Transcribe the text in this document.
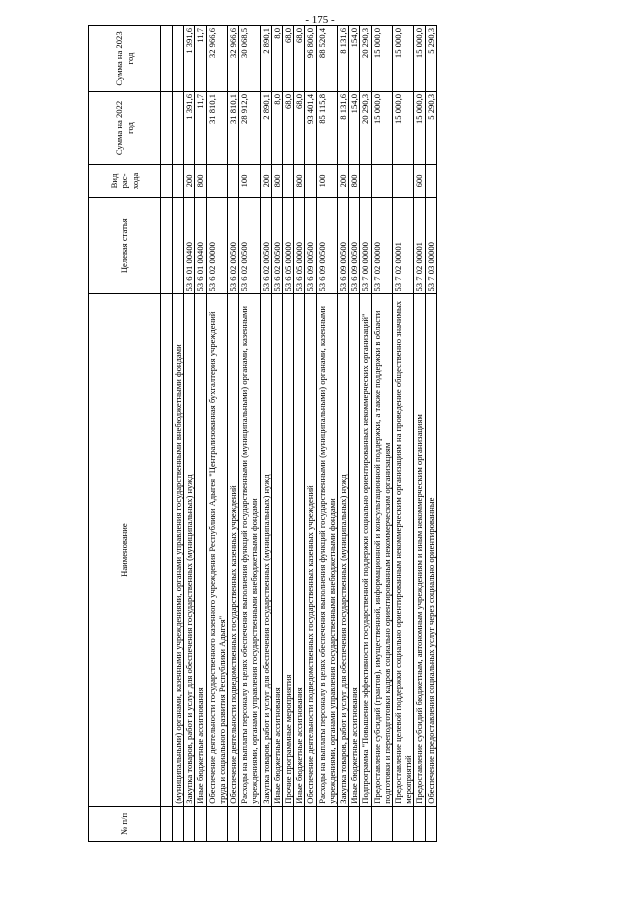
- 175 -
№ п/п	Наименование	Целевая статья	Вид рас-хода	Сумма на 2022 год	Сумма на 2023 год

	(муниципальными) органами, казенными учреждениями, органами управления государственными внебюджетными фондами				
	Закупка товаров, работ и услуг для обеспечения государственных (муниципальных) нужд	53 6 01 00400	200	1 391,6	1 391,6
	Иные бюджетные ассигнования	53 6 01 00400	800	11,7	11,7
	Обеспечение деятельности государственного казенного учреждения Республики Адыгея "Централизованная бухгалтерия учреждений труда и социального развития Республики Адыгея"	53 6 02 00000		31 810,1	32 966,6
	Обеспечение деятельности подведомственных государственных казенных учреждений	53 6 02 00500		31 810,1	32 966,6
	Расходы на выплаты персоналу в целях обеспечения выполнения функций государственными (муниципальными) органами, казенными учреждениями, органами управления государственными внебюджетными фондами	53 6 02 00500	100	28 912,0	30 068,5
	Закупка товаров, работ и услуг для обеспечения государственных (муниципальных) нужд	53 6 02 00500	200	2 890,1	2 890,1
	Иные бюджетные ассигнования	53 6 02 00500	800	8,0	8,0
	Прочие программные мероприятия	53 6 05 00000		68,0	68,0
	Иные бюджетные ассигнования	53 6 05 00000	800	68,0	68,0
	Обеспечение деятельности подведомственных государственных казенных учреждений	53 6 09 00500		93 401,4	96 806,0
	Расходы на выплаты персоналу в целях обеспечения выполнения функций государственными (муниципальными) органами, казенными учреждениями, органами управления государственными внебюджетными фондами	53 6 09 00500	100	85 115,8	88 520,4
	Закупка товаров, работ и услуг для обеспечения государственных (муниципальных) нужд	53 6 09 00500	200	8 131,6	8 131,6
	Иные бюджетные ассигнования	53 6 09 00500	800	154,0	154,0
	Подпрограмма "Повышение эффективности государственной поддержки социально ориентированных некоммерческих организаций"	53 7 00 00000		20 290,3	20 290,3
	Предоставление субсидий (грантов), имущественной, информационной и консультационной поддержки, а также поддержки в области подготовки и переподготовки кадров социально ориентированным некоммерческим организациям	53 7 02 00000		15 000,0	15 000,0
	Предоставление целевой поддержки социально ориентированным некоммерческим организациям на проведение общественно значимых мероприятий	53 7 02 00001		15 000,0	15 000,0
	Предоставление субсидий бюджетным, автономным учреждениям и иным некоммерческим организациям	53 7 02 00001	600	15 000,0	15 000,0
	Обеспечение предоставления социальных услуг через социально ориентированные	53 7 03 00000		5 290,3	5 290,3
